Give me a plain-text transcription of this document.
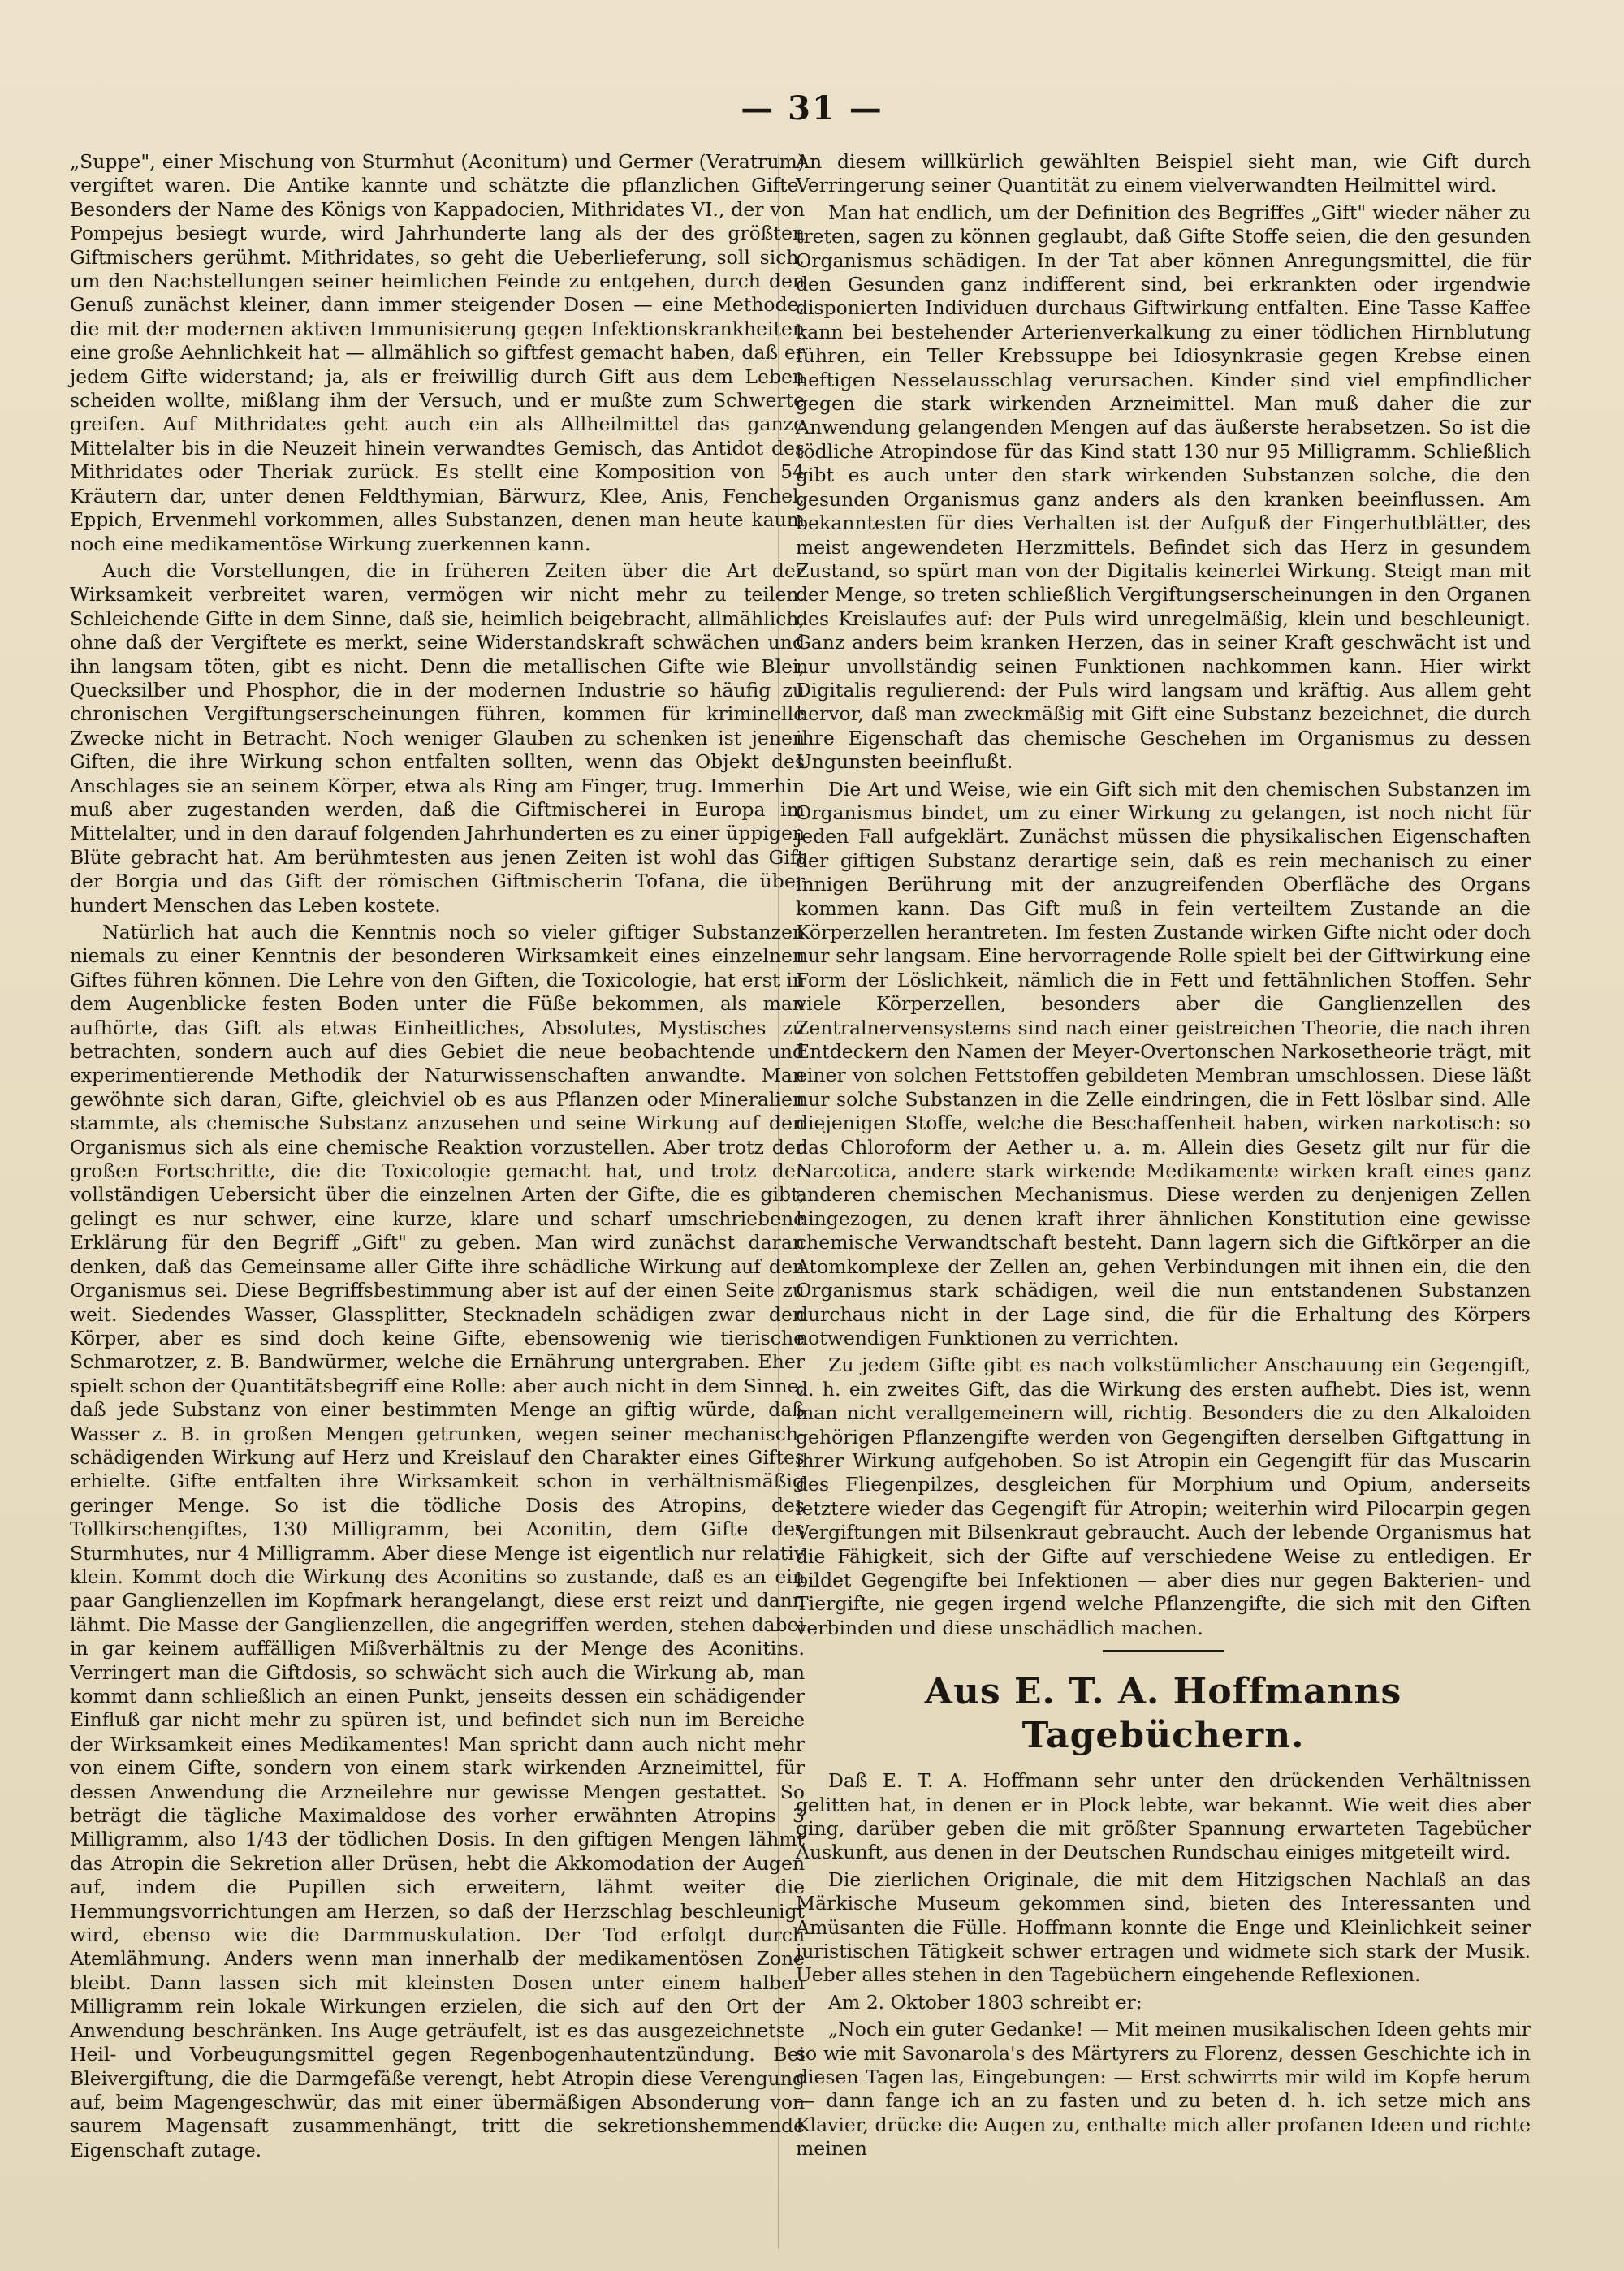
— 31 —

„Suppe", einer Mischung von Sturmhut (Aconitum) und Germer (Veratrum) vergiftet waren. Die Antike kannte und schätzte die pflanzlichen Gifte. Besonders der Name des Königs von Kappadocien, Mithridates VI., der von Pompejus besiegt wurde, wird Jahrhunderte lang als der des größten Giftmischers gerühmt. Mithridates, so geht die Ueberlieferung, soll sich, um den Nachstellungen seiner heimlichen Feinde zu entgehen, durch den Genuß zunächst kleiner, dann immer steigender Dosen — eine Methode, die mit der modernen aktiven Immunisierung gegen Infektionskrankheiten eine große Aehnlichkeit hat — allmählich so giftfest gemacht haben, daß er jedem Gifte widerstand; ja, als er freiwillig durch Gift aus dem Leben scheiden wollte, mißlang ihm der Versuch, und er mußte zum Schwerte greifen. Auf Mithridates geht auch ein als Allheilmittel das ganze Mittelalter bis in die Neuzeit hinein verwandtes Gemisch, das Antidot des Mithridates oder Theriak zurück. Es stellt eine Komposition von 54 Kräutern dar, unter denen Feldthymian, Bärwurz, Klee, Anis, Fenchel, Eppich, Ervenmehl vorkommen, alles Substanzen, denen man heute kaum noch eine medikamentöse Wirkung zuerkennen kann.

Auch die Vorstellungen, die in früheren Zeiten über die Art der Wirksamkeit verbreitet waren, vermögen wir nicht mehr zu teilen. Schleichende Gifte in dem Sinne, daß sie, heimlich beigebracht, allmählich, ohne daß der Vergiftete es merkt, seine Widerstandskraft schwächen und ihn langsam töten, gibt es nicht. Denn die metallischen Gifte wie Blei, Quecksilber und Phosphor, die in der modernen Industrie so häufig zu chronischen Vergiftungserscheinungen führen, kommen für kriminelle Zwecke nicht in Betracht. Noch weniger Glauben zu schenken ist jenen Giften, die ihre Wirkung schon entfalten sollten, wenn das Objekt des Anschlages sie an seinem Körper, etwa als Ring am Finger, trug. Immerhin muß aber zugestanden werden, daß die Giftmischerei in Europa im Mittelalter, und in den darauf folgenden Jahrhunderten es zu einer üppigen Blüte gebracht hat. Am berühmtesten aus jenen Zeiten ist wohl das Gift der Borgia und das Gift der römischen Giftmischerin Tofana, die über hundert Menschen das Leben kostete.

Natürlich hat auch die Kenntnis noch so vieler giftiger Substanzen niemals zu einer Kenntnis der besonderen Wirksamkeit eines einzelnen Giftes führen können. Die Lehre von den Giften, die Toxicologie, hat erst in dem Augenblicke festen Boden unter die Füße bekommen, als man aufhörte, das Gift als etwas Einheitliches, Absolutes, Mystisches zu betrachten, sondern auch auf dies Gebiet die neue beobachtende und experimentierende Methodik der Naturwissenschaften anwandte. Man gewöhnte sich daran, Gifte, gleichviel ob es aus Pflanzen oder Mineralien stammte, als chemische Substanz anzusehen und seine Wirkung auf den Organismus sich als eine chemische Reaktion vorzustellen. Aber trotz der großen Fortschritte, die die Toxicologie gemacht hat, und trotz der vollständigen Uebersicht über die einzelnen Arten der Gifte, die es gibt, gelingt es nur schwer, eine kurze, klare und scharf umschriebene Erklärung für den Begriff „Gift" zu geben. Man wird zunächst daran denken, daß das Gemeinsame aller Gifte ihre schädliche Wirkung auf den Organismus sei. Diese Begriffsbestimmung aber ist auf der einen Seite zu weit. Siedendes Wasser, Glassplitter, Stecknadeln schädigen zwar den Körper, aber es sind doch keine Gifte, ebensowenig wie tierische Schmarotzer, z. B. Bandwürmer, welche die Ernährung untergraben. Eher spielt schon der Quantitätsbegriff eine Rolle: aber auch nicht in dem Sinne, daß jede Substanz von einer bestimmten Menge an giftig würde, daß Wasser z. B. in großen Mengen getrunken, wegen seiner mechanisch-schädigenden Wirkung auf Herz und Kreislauf den Charakter eines Giftes erhielte. Gifte entfalten ihre Wirksamkeit schon in verhältnismäßig geringer Menge. So ist die tödliche Dosis des Atropins, des Tollkirschengiftes, 130 Milligramm, bei Aconitin, dem Gifte des Sturmhutes, nur 4 Milligramm. Aber diese Menge ist eigentlich nur relativ klein. Kommt doch die Wirkung des Aconitins so zustande, daß es an ein paar Ganglienzellen im Kopfmark herangelangt, diese erst reizt und dann lähmt. Die Masse der Ganglienzellen, die angegriffen werden, stehen dabei in gar keinem auffälligen Mißverhältnis zu der Menge des Aconitins. Verringert man die Giftdosis, so schwächt sich auch die Wirkung ab, man kommt dann schließlich an einen Punkt, jenseits dessen ein schädigender Einfluß gar nicht mehr zu spüren ist, und befindet sich nun im Bereiche der Wirksamkeit eines Medikamentes! Man spricht dann auch nicht mehr von einem Gifte, sondern von einem stark wirkenden Arzneimittel, für dessen Anwendung die Arzneilehre nur gewisse Mengen gestattet. So beträgt die tägliche Maximaldose des vorher erwähnten Atropins 3 Milligramm, also 1/43 der tödlichen Dosis. In den giftigen Mengen lähmt das Atropin die Sekretion aller Drüsen, hebt die Akkomodation der Augen auf, indem die Pupillen sich erweitern, lähmt weiter die Hemmungsvorrichtungen am Herzen, so daß der Herzschlag beschleunigt wird, ebenso wie die Darmmuskulation. Der Tod erfolgt durch Atemlähmung. Anders wenn man innerhalb der medikamentösen Zone bleibt. Dann lassen sich mit kleinsten Dosen unter einem halben Milligramm rein lokale Wirkungen erzielen, die sich auf den Ort der Anwendung beschränken. Ins Auge geträufelt, ist es das ausgezeichnetste Heil- und Vorbeugungsmittel gegen Regenbogenhautentzündung. Bei Bleivergiftung, die die Darmgefäße verengt, hebt Atropin diese Verengung auf, beim Magengeschwür, das mit einer übermäßigen Absonderung von saurem Magensaft zusammenhängt, tritt die sekretionshemmende Eigenschaft zutage.

An diesem willkürlich gewählten Beispiel sieht man, wie Gift durch Verringerung seiner Quantität zu einem vielverwandten Heilmittel wird.

Man hat endlich, um der Definition des Begriffes „Gift" wieder näher zu treten, sagen zu können geglaubt, daß Gifte Stoffe seien, die den gesunden Organismus schädigen. In der Tat aber können Anregungsmittel, die für den Gesunden ganz indifferent sind, bei erkrankten oder irgendwie disponierten Individuen durchaus Giftwirkung entfalten. Eine Tasse Kaffee kann bei bestehender Arterienverkalkung zu einer tödlichen Hirnblutung führen, ein Teller Krebssuppe bei Idiosynkrasie gegen Krebse einen heftigen Nesselausschlag verursachen. Kinder sind viel empfindlicher gegen die stark wirkenden Arzneimittel. Man muß daher die zur Anwendung gelangenden Mengen auf das äußerste herabsetzen. So ist die tödliche Atropindose für das Kind statt 130 nur 95 Milligramm. Schließlich gibt es auch unter den stark wirkenden Substanzen solche, die den gesunden Organismus ganz anders als den kranken beeinflussen. Am bekanntesten für dies Verhalten ist der Aufguß der Fingerhutblätter, des meist angewendeten Herzmittels. Befindet sich das Herz in gesundem Zustand, so spürt man von der Digitalis keinerlei Wirkung. Steigt man mit der Menge, so treten schließlich Vergiftungserscheinungen in den Organen des Kreislaufes auf: der Puls wird unregelmäßig, klein und beschleunigt. Ganz anders beim kranken Herzen, das in seiner Kraft geschwächt ist und nur unvollständig seinen Funktionen nachkommen kann. Hier wirkt Digitalis regulierend: der Puls wird langsam und kräftig. Aus allem geht hervor, daß man zweckmäßig mit Gift eine Substanz bezeichnet, die durch ihre Eigenschaft das chemische Geschehen im Organismus zu dessen Ungunsten beeinflußt.

Die Art und Weise, wie ein Gift sich mit den chemischen Substanzen im Organismus bindet, um zu einer Wirkung zu gelangen, ist noch nicht für jeden Fall aufgeklärt. Zunächst müssen die physikalischen Eigenschaften der giftigen Substanz derartige sein, daß es rein mechanisch zu einer innigen Berührung mit der anzugreifenden Oberfläche des Organs kommen kann. Das Gift muß in fein verteiltem Zustande an die Körperzellen herantreten. Im festen Zustande wirken Gifte nicht oder doch nur sehr langsam. Eine hervorragende Rolle spielt bei der Giftwirkung eine Form der Löslichkeit, nämlich die in Fett und fettähnlichen Stoffen. Sehr viele Körperzellen, besonders aber die Ganglienzellen des Zentralnervensystems sind nach einer geistreichen Theorie, die nach ihren Entdeckern den Namen der Meyer-Overtonschen Narkosetheorie trägt, mit einer von solchen Fettstoffen gebildeten Membran umschlossen. Diese läßt nur solche Substanzen in die Zelle eindringen, die in Fett löslbar sind. Alle diejenigen Stoffe, welche die Beschaffenheit haben, wirken narkotisch: so das Chloroform der Aether u. a. m. Allein dies Gesetz gilt nur für die Narcotica, andere stark wirkende Medikamente wirken kraft eines ganz anderen chemischen Mechanismus. Diese werden zu denjenigen Zellen hingezogen, zu denen kraft ihrer ähnlichen Konstitution eine gewisse chemische Verwandtschaft besteht. Dann lagern sich die Giftkörper an die Atomkomplexe der Zellen an, gehen Verbindungen mit ihnen ein, die den Organismus stark schädigen, weil die nun entstandenen Substanzen durchaus nicht in der Lage sind, die für die Erhaltung des Körpers notwendigen Funktionen zu verrichten.

Zu jedem Gifte gibt es nach volkstümlicher Anschauung ein Gegengift, d. h. ein zweites Gift, das die Wirkung des ersten aufhebt. Dies ist, wenn man nicht verallgemeinern will, richtig. Besonders die zu den Alkaloiden gehörigen Pflanzengifte werden von Gegengiften derselben Giftgattung in ihrer Wirkung aufgehoben. So ist Atropin ein Gegengift für das Muscarin des Fliegenpilzes, desgleichen für Morphium und Opium, anderseits letztere wieder das Gegengift für Atropin; weiterhin wird Pilocarpin gegen Vergiftungen mit Bilsenkraut gebraucht. Auch der lebende Organismus hat die Fähigkeit, sich der Gifte auf verschiedene Weise zu entledigen. Er bildet Gegengifte bei Infektionen — aber dies nur gegen Bakterien- und Tiergifte, nie gegen irgend welche Pflanzengifte, die sich mit den Giften verbinden und diese unschädlich machen.

Aus E. T. A. Hoffmanns Tagebüchern.

Daß E. T. A. Hoffmann sehr unter den drückenden Verhältnissen gelitten hat, in denen er in Plock lebte, war bekannt. Wie weit dies aber ging, darüber geben die mit größter Spannung erwarteten Tagebücher Auskunft, aus denen in der Deutschen Rundschau einiges mitgeteilt wird.

Die zierlichen Originale, die mit dem Hitzigschen Nachlaß an das Märkische Museum gekommen sind, bieten des Interessanten und Amüsanten die Fülle. Hoffmann konnte die Enge und Kleinlichkeit seiner juristischen Tätigkeit schwer ertragen und widmete sich stark der Musik. Ueber alles stehen in den Tagebüchern eingehende Reflexionen.

Am 2. Oktober 1803 schreibt er:

„Noch ein guter Gedanke! — Mit meinen musikalischen Ideen gehts mir so wie mit Savonarola's des Märtyrers zu Florenz, dessen Geschichte ich in diesen Tagen las, Eingebungen: — Erst schwirrts mir wild im Kopfe herum — dann fange ich an zu fasten und zu beten d. h. ich setze mich ans Klavier, drücke die Augen zu, enthalte mich aller profanen Ideen und richte meinen
